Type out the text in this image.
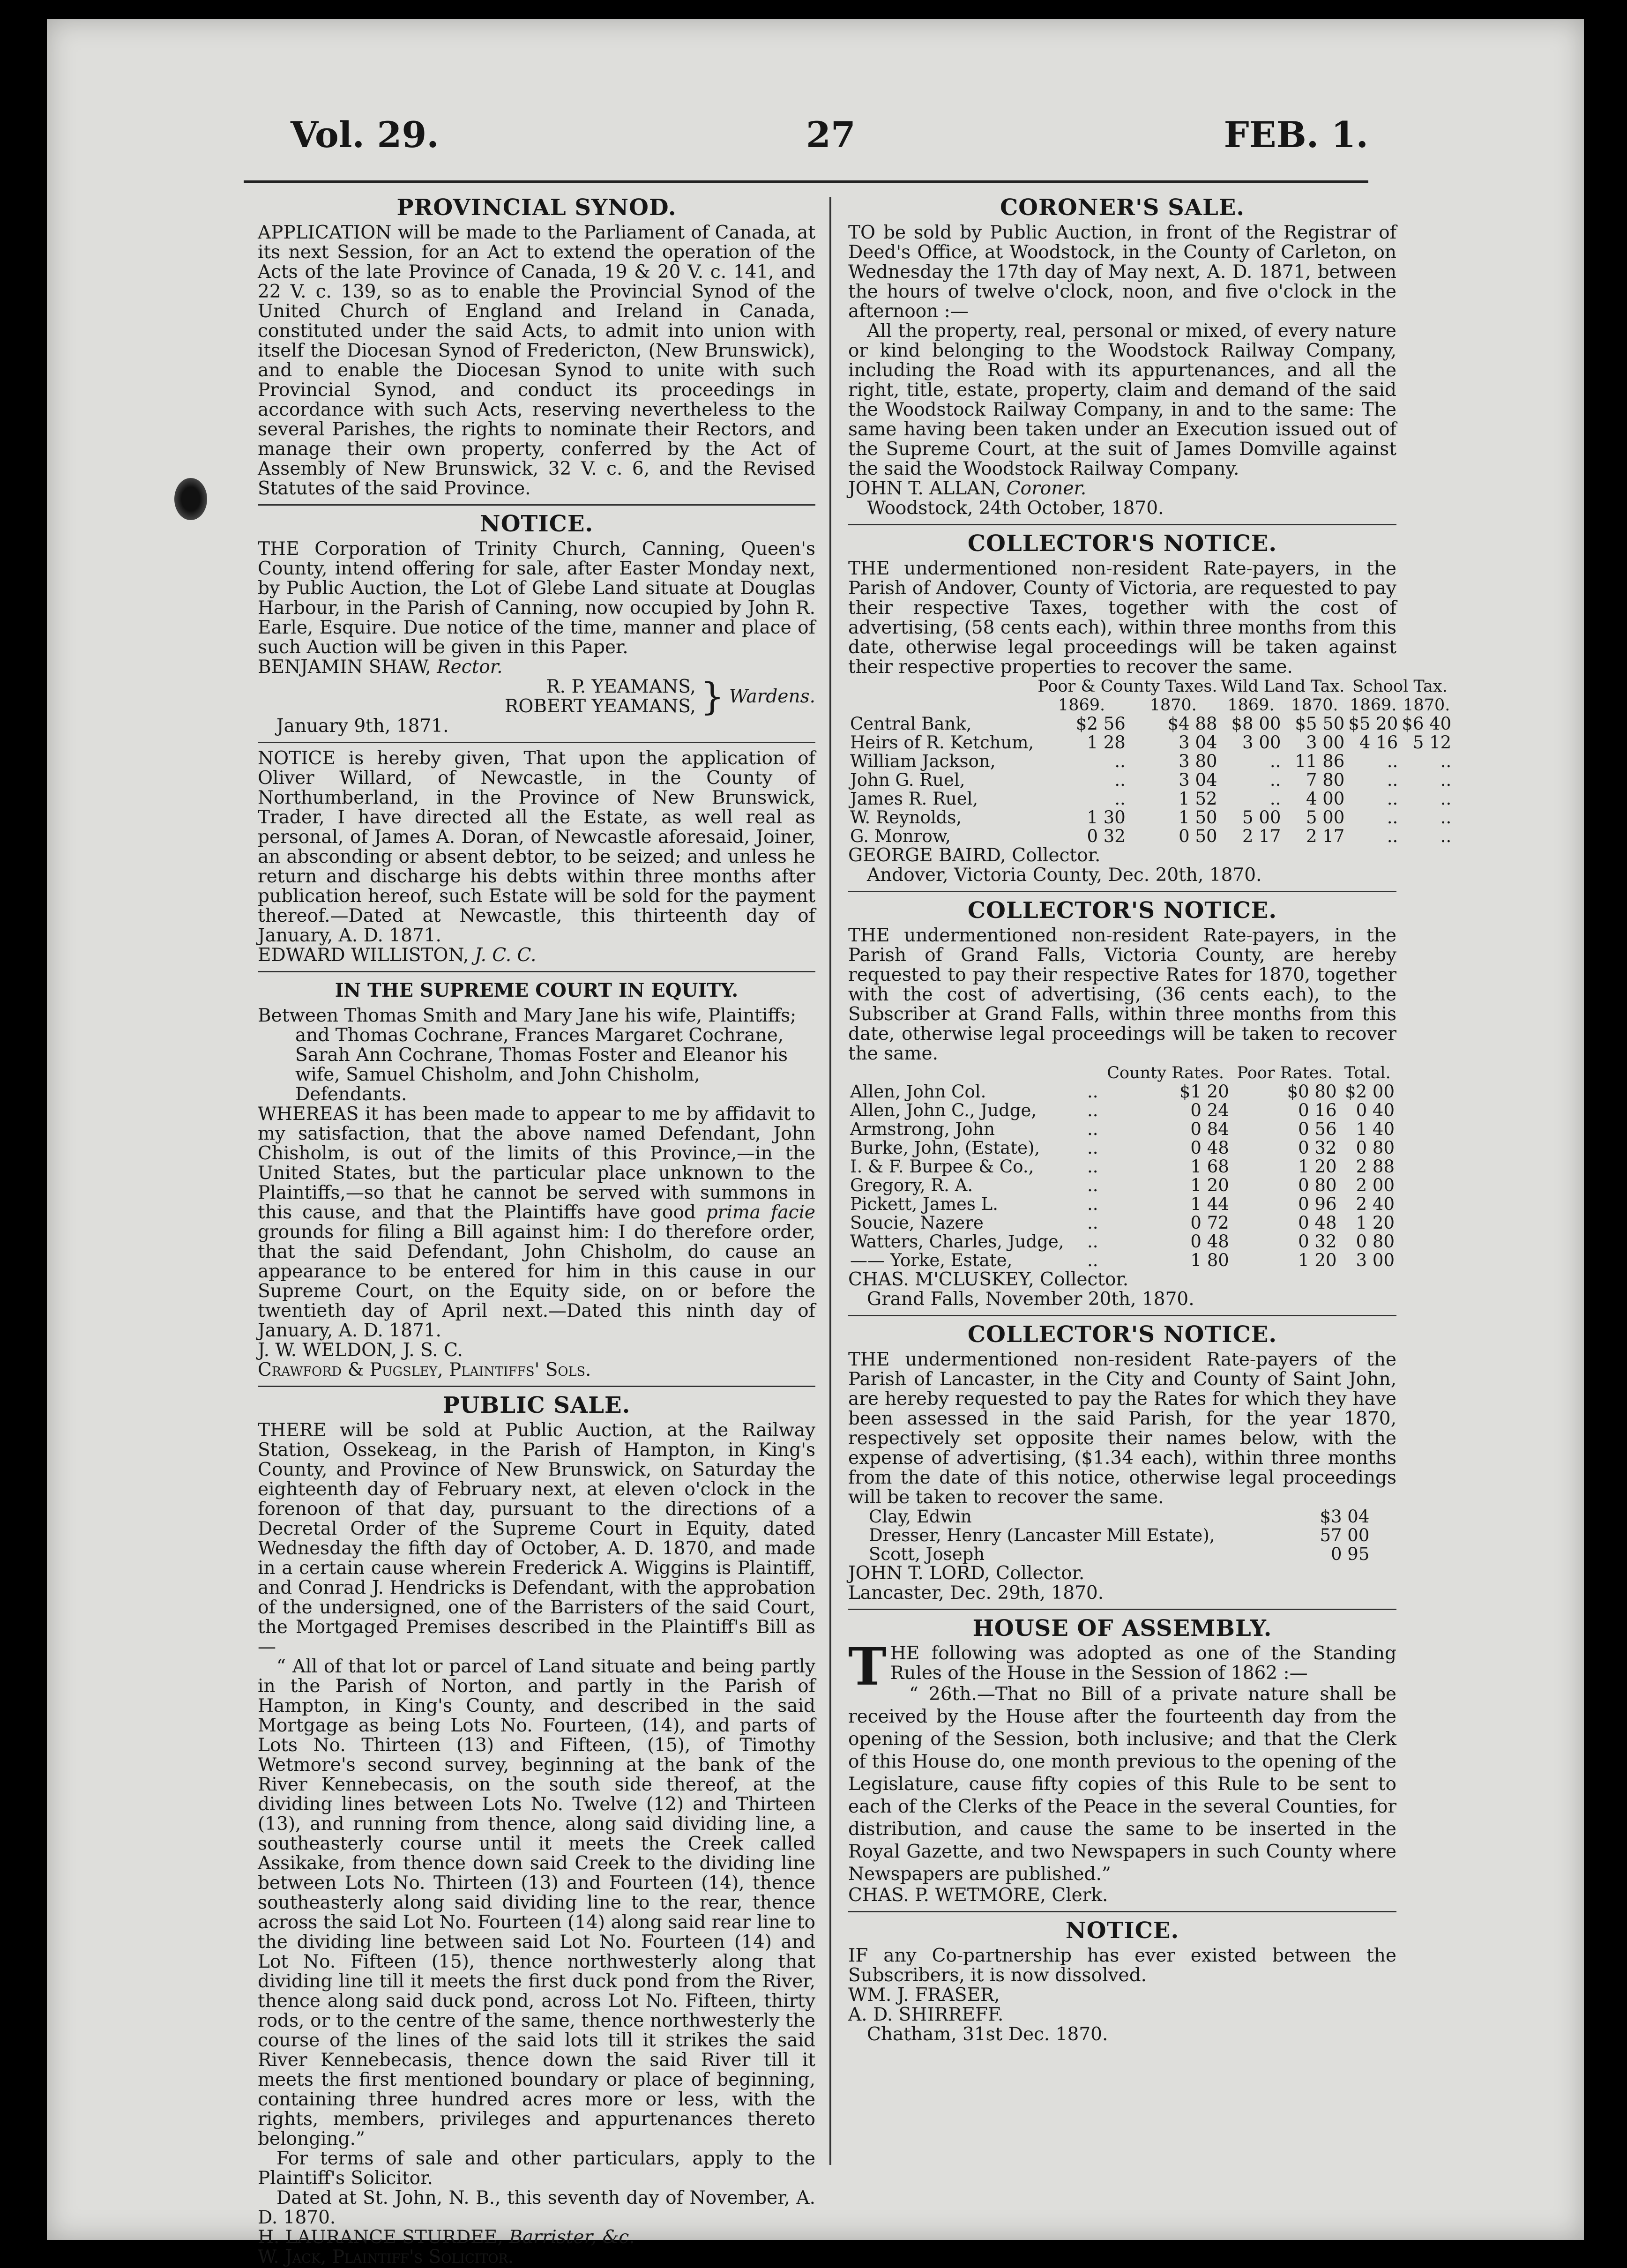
Vol. 29.	27	FEB. 1.
PROVINCIAL SYNOD.

APPLICATION will be made to the Parliament of Canada, at its next Session, for an Act to extend the operation of the Acts of the late Province of Canada, 19 & 20 V. c. 141, and 22 V. c. 139, so as to enable the Provincial Synod of the United Church of England and Ireland in Canada, constituted under the said Acts, to admit into union with itself the Diocesan Synod of Fredericton, (New Brunswick), and to enable the Diocesan Synod to unite with such Provincial Synod, and conduct its proceedings in accordance with such Acts, reserving nevertheless to the several Parishes, the rights to nominate their Rectors, and manage their own property, conferred by the Act of Assembly of New Brunswick, 32 V. c. 6, and the Revised Statutes of the said Province.

NOTICE.

THE Corporation of Trinity Church, Canning, Queen's County, intend offering for sale, after Easter Monday next, by Public Auction, the Lot of Glebe Land situate at Douglas Harbour, in the Parish of Canning, now occupied by John R. Earle, Esquire. Due notice of the time, manner and place of such Auction will be given in this Paper.

BENJAMIN SHAW, Rector.

R. P. YEAMANS,
ROBERT YEAMANS, } Wardens.

January 9th, 1871.

NOTICE is hereby given, That upon the application of Oliver Willard, of Newcastle, in the County of Northumberland, in the Province of New Brunswick, Trader, I have directed all the Estate, as well real as personal, of James A. Doran, of Newcastle aforesaid, Joiner, an absconding or absent debtor, to be seized; and unless he return and discharge his debts within three months after publication hereof, such Estate will be sold for the payment thereof.—Dated at Newcastle, this thirteenth day of January, A. D. 1871.

EDWARD WILLISTON, J. C. C.

IN THE SUPREME COURT IN EQUITY.

Between Thomas Smith and Mary Jane his wife, Plaintiffs; and Thomas Cochrane, Frances Margaret Cochrane, Sarah Ann Cochrane, Thomas Foster and Eleanor his wife, Samuel Chisholm, and John Chisholm, Defendants.

WHEREAS it has been made to appear to me by affidavit to my satisfaction, that the above named Defendant, John Chisholm, is out of the limits of this Province,—in the United States, but the particular place unknown to the Plaintiffs,—so that he cannot be served with summons in this cause, and that the Plaintiffs have good prima facie grounds for filing a Bill against him: I do therefore order, that the said Defendant, John Chisholm, do cause an appearance to be entered for him in this cause in our Supreme Court, on the Equity side, on or before the twentieth day of April next.—Dated this ninth day of January, A. D. 1871.

J. W. WELDON, J. S. C.

Crawford & Pugsley, Plaintiffs' Sols.

PUBLIC SALE.

THERE will be sold at Public Auction, at the Railway Station, Ossekeag, in the Parish of Hampton, in King's County, and Province of New Brunswick, on Saturday the eighteenth day of February next, at eleven o'clock in the forenoon of that day, pursuant to the directions of a Decretal Order of the Supreme Court in Equity, dated Wednesday the fifth day of October, A. D. 1870, and made in a certain cause wherein Frederick A. Wiggins is Plaintiff, and Conrad J. Hendricks is Defendant, with the approbation of the undersigned, one of the Barristers of the said Court, the Mortgaged Premises described in the Plaintiff's Bill as—

“ All of that lot or parcel of Land situate and being partly in the Parish of Norton, and partly in the Parish of Hampton, in King's County, and described in the said Mortgage as being Lots No. Fourteen, (14), and parts of Lots No. Thirteen (13) and Fifteen, (15), of Timothy Wetmore's second survey, beginning at the bank of the River Kennebecasis, on the south side thereof, at the dividing lines between Lots No. Twelve (12) and Thirteen (13), and running from thence, along said dividing line, a southeasterly course until it meets the Creek called Assikake, from thence down said Creek to the dividing line between Lots No. Thirteen (13) and Fourteen (14), thence southeasterly along said dividing line to the rear, thence across the said Lot No. Fourteen (14) along said rear line to the dividing line between said Lot No. Fourteen (14) and Lot No. Fifteen (15), thence northwesterly along that dividing line till it meets the first duck pond from the River, thence along said duck pond, across Lot No. Fifteen, thirty rods, or to the centre of the same, thence northwesterly the course of the lines of the said lots till it strikes the said River Kennebecasis, thence down the said River till it meets the first mentioned boundary or place of beginning, containing three hundred acres more or less, with the rights, members, privileges and appurtenances thereto belonging.”

For terms of sale and other particulars, apply to the Plaintiff's Solicitor.

Dated at St. John, N. B., this seventh day of November, A. D. 1870.

H. LAURANCE STURDEE, Barrister, &c.

W. Jack, Plaintiff's Solicitor.

CORONER'S SALE.

TO be sold by Public Auction, in front of the Registrar of Deed's Office, at Woodstock, in the County of Carleton, on Wednesday the 17th day of May next, A. D. 1871, between the hours of twelve o'clock, noon, and five o'clock in the afternoon :—

All the property, real, personal or mixed, of every nature or kind belonging to the Woodstock Railway Company, including the Road with its appurtenances, and all the right, title, estate, property, claim and demand of the said the Woodstock Railway Company, in and to the same: The same having been taken under an Execution issued out of the Supreme Court, at the suit of James Domville against the said the Woodstock Railway Company.

JOHN T. ALLAN, Coroner.

Woodstock, 24th October, 1870.

COLLECTOR'S NOTICE.

THE undermentioned non-resident Rate-payers, in the Parish of Andover, County of Victoria, are requested to pay their respective Taxes, together with the cost of advertising, (58 cents each), within three months from this date, otherwise legal proceedings will be taken against their respective properties to recover the same.

	Poor & County Taxes.		Wild Land Tax.		School Tax.	
	1869.	1870.	1869.	1870.	1869.	1870.
Central Bank,	$2 56	$4 88	$8 00	$5 50	$5 20	$6 40
Heirs of R. Ketchum,	1 28	3 04	3 00	3 00	4 16	5 12
William Jackson,	..	3 80	..	11 86	..	..
John G. Ruel,	..	3 04	..	7 80	..	..
James R. Ruel,	..	1 52	..	4 00	..	..
W. Reynolds,	1 30	1 50	5 00	5 00	..	..
G. Monrow,	0 32	0 50	2 17	2 17	..	..

GEORGE BAIRD, Collector.

Andover, Victoria County, Dec. 20th, 1870.

COLLECTOR'S NOTICE.

THE undermentioned non-resident Rate-payers, in the Parish of Grand Falls, Victoria County, are hereby requested to pay their respective Rates for 1870, together with the cost of advertising, (36 cents each), to the Subscriber at Grand Falls, within three months from this date, otherwise legal proceedings will be taken to recover the same.

		County Rates.	Poor Rates.	Total.
Allen, John Col.	..	$1 20	$0 80	$2 00
Allen, John C., Judge,	..	0 24	0 16	0 40
Armstrong, John	..	0 84	0 56	1 40
Burke, John, (Estate),	..	0 48	0 32	0 80
I. & F. Burpee & Co.,	..	1 68	1 20	2 88
Gregory, R. A.	..	1 20	0 80	2 00
Pickett, James L.	..	1 44	0 96	2 40
Soucie, Nazere	..	0 72	0 48	1 20
Watters, Charles, Judge,	..	0 48	0 32	0 80
—— Yorke, Estate,	..	1 80	1 20	3 00

CHAS. M'CLUSKEY, Collector.

Grand Falls, November 20th, 1870.

COLLECTOR'S NOTICE.

THE undermentioned non-resident Rate-payers of the Parish of Lancaster, in the City and County of Saint John, are hereby requested to pay the Rates for which they have been assessed in the said Parish, for the year 1870, respectively set opposite their names below, with the expense of advertising, ($1.34 each), within three months from the date of this notice, otherwise legal proceedings will be taken to recover the same.

Clay, Edwin	$3 04
Dresser, Henry (Lancaster Mill Estate),	57 00
Scott, Joseph	0 95

JOHN T. LORD, Collector.

Lancaster, Dec. 29th, 1870.

HOUSE OF ASSEMBLY.

THE following was adopted as one of the Standing Rules of the House in the Session of 1862 :—

“ 26th.—That no Bill of a private nature shall be received by the House after the fourteenth day from the opening of the Session, both inclusive; and that the Clerk of this House do, one month previous to the opening of the Legislature, cause fifty copies of this Rule to be sent to each of the Clerks of the Peace in the several Counties, for distribution, and cause the same to be inserted in the Royal Gazette, and two Newspapers in such County where Newspapers are published.”

CHAS. P. WETMORE, Clerk.

NOTICE.

IF any Co-partnership has ever existed between the Subscribers, it is now dissolved.

WM. J. FRASER,

A. D. SHIRREFF.

Chatham, 31st Dec. 1870.
